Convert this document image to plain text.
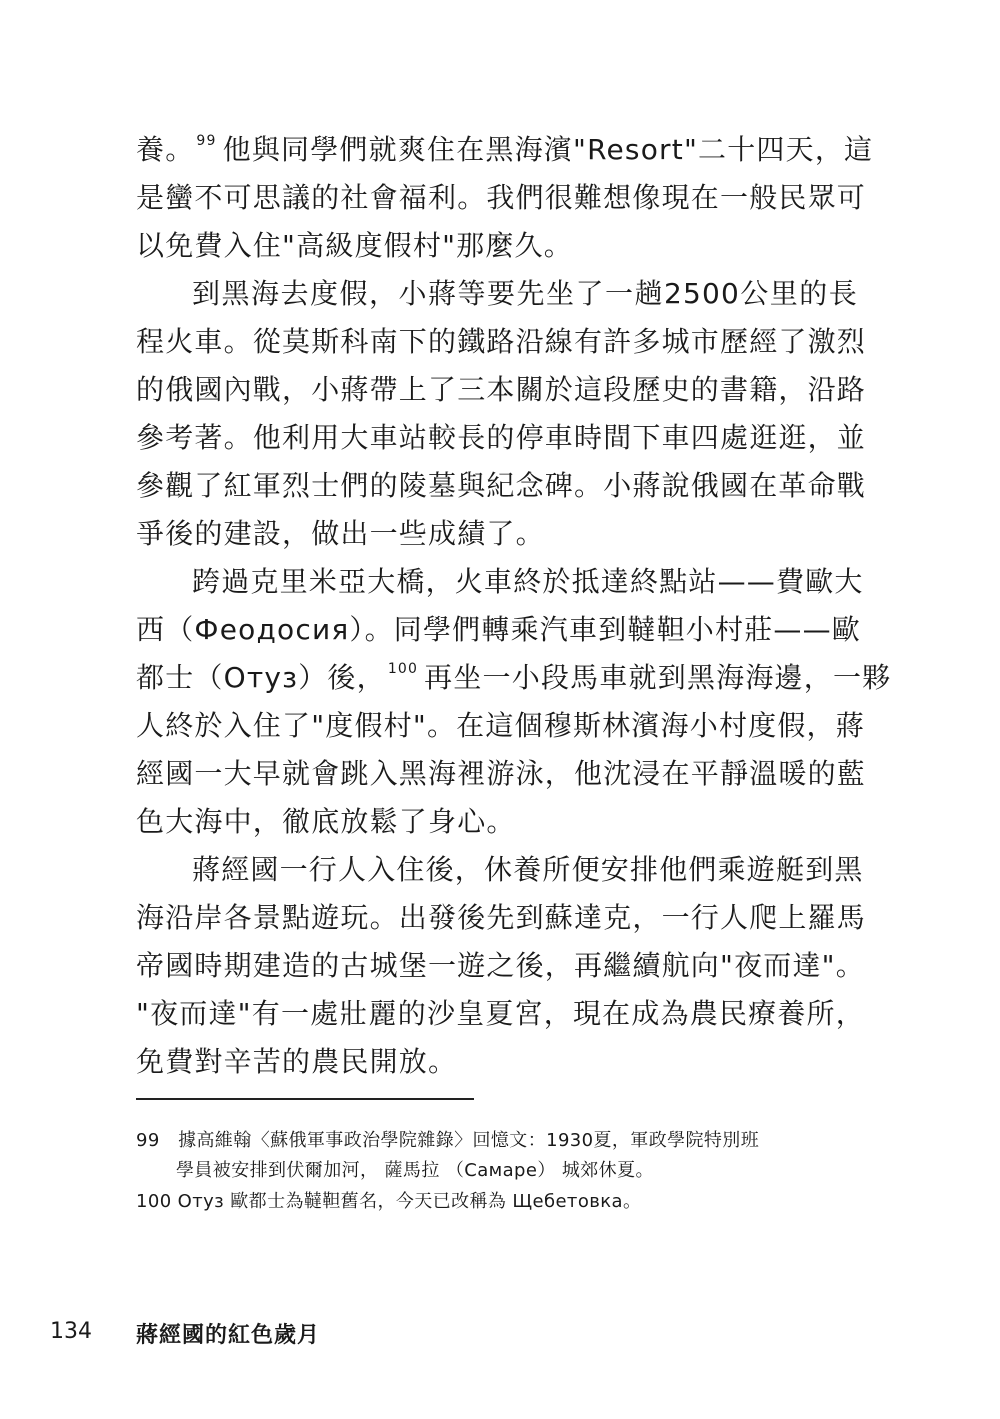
養。 $^{99}$ 他與同學們就爽住在黑海濱"Resort"二十四天，這
是蠻不可思議的社會福利。我們很難想像現在一般民眾可
以免費入住"高級度假村"那麼久。
到黑海去度假，小蔣等要先坐了一趟2500公里的長
程火車。從莫斯科南下的鐵路沿線有許多城市歷經了激烈
的俄國內戰，小蔣帶上了三本關於這段歷史的書籍，沿路
參考著。他利用大車站較長的停車時間下車四處逛逛，並
參觀了紅軍烈士們的陵墓與紀念碑。小蔣說俄國在革命戰
爭後的建設，做出一些成績了。
跨過克里米亞大橋，火車終於抵達終點站——費歐大
西（Феодосия）。同學們轉乘汽車到韃靼小村莊——歐
都士（Отуз）後， $^{100}$ 再坐一小段馬車就到黑海海邊，一夥
人終於入住了"度假村"。在這個穆斯林濱海小村度假，蔣
經國一大早就會跳入黑海裡游泳，他沈浸在平靜溫暖的藍
色大海中，徹底放鬆了身心。
蔣經國一行人入住後，休養所便安排他們乘遊艇到黑
海沿岸各景點遊玩。出發後先到蘇達克，一行人爬上羅馬
帝國時期建造的古城堡一遊之後，再繼續航向"夜而達"。
"夜而達"有一處壯麗的沙皇夏宮，現在成為農民療養所，
免費對辛苦的農民開放。
99　據高維翰〈蘇俄軍事政治學院雜錄〉回憶文：1930夏，軍政學院特別班
學員被安排到伏爾加河， 薩馬拉 （Самаре） 城郊休夏。
100 Отуз 歐都士為韃靼舊名，今天已改稱為 Щебетовка。
134 蔣經國的紅色歲月
